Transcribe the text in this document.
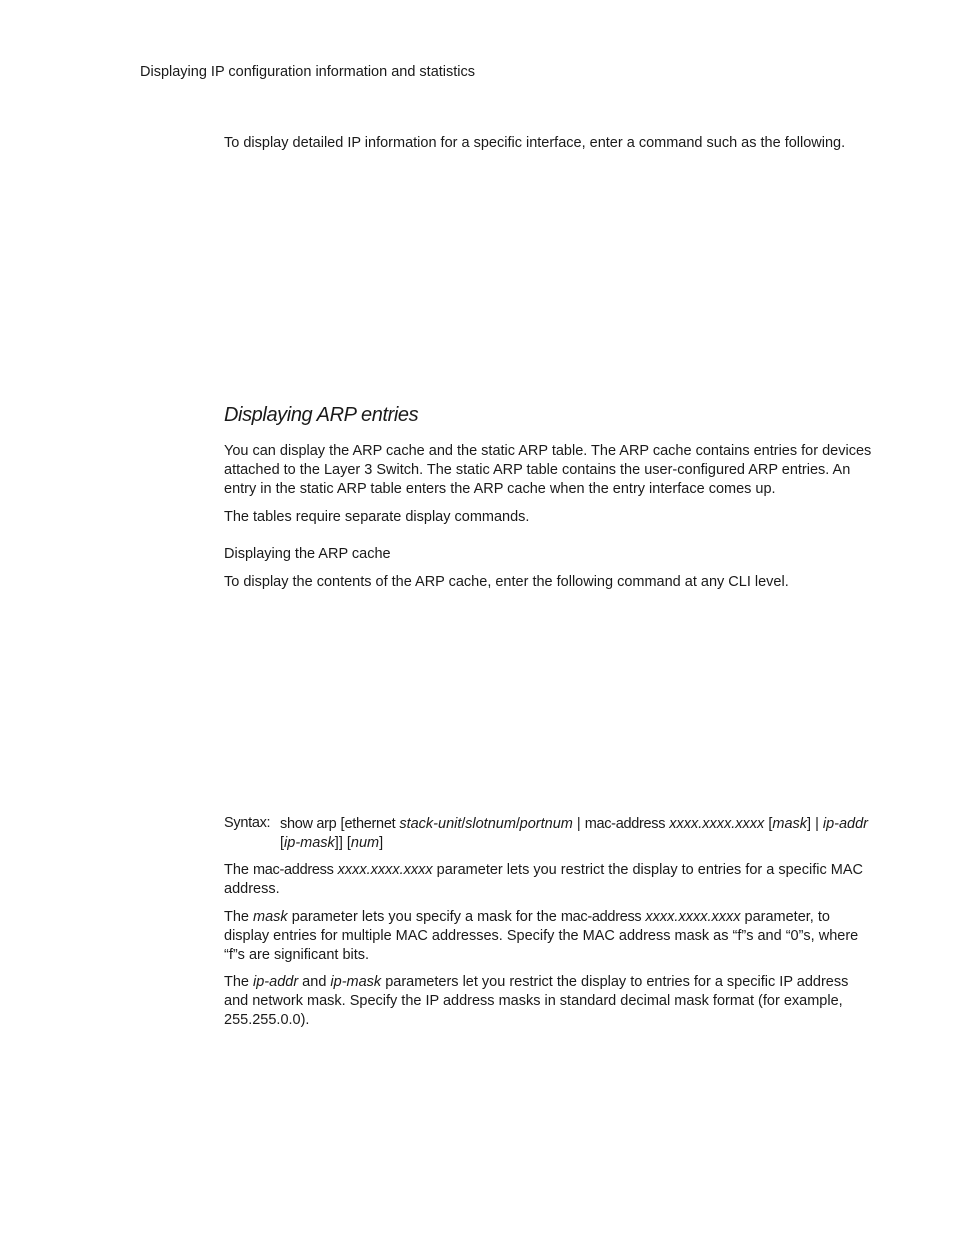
Displaying IP configuration information and statistics

To display detailed IP information for a specific interface, enter a command such as the following.

Displaying ARP entries

You can display the ARP cache and the static ARP table. The ARP cache contains entries for devices attached to the Layer 3 Switch. The static ARP table contains the user-configured ARP entries. An entry in the static ARP table enters the ARP cache when the entry interface comes up.

The tables require separate display commands.

Displaying the ARP cache

To display the contents of the ARP cache, enter the following command at any CLI level.

Syntax: show arp [ethernet stack-unit/slotnum/portnum | mac-address xxxx.xxxx.xxxx [mask] | ip-addr [ip-mask]] [num]

The mac-address xxxx.xxxx.xxxx parameter lets you restrict the display to entries for a specific MAC address.

The mask parameter lets you specify a mask for the mac-address xxxx.xxxx.xxxx parameter, to display entries for multiple MAC addresses. Specify the MAC address mask as “f”s and “0”s, where “f”s are significant bits.

The ip-addr and ip-mask parameters let you restrict the display to entries for a specific IP address and network mask. Specify the IP address masks in standard decimal mask format (for example, 255.255.0.0).
